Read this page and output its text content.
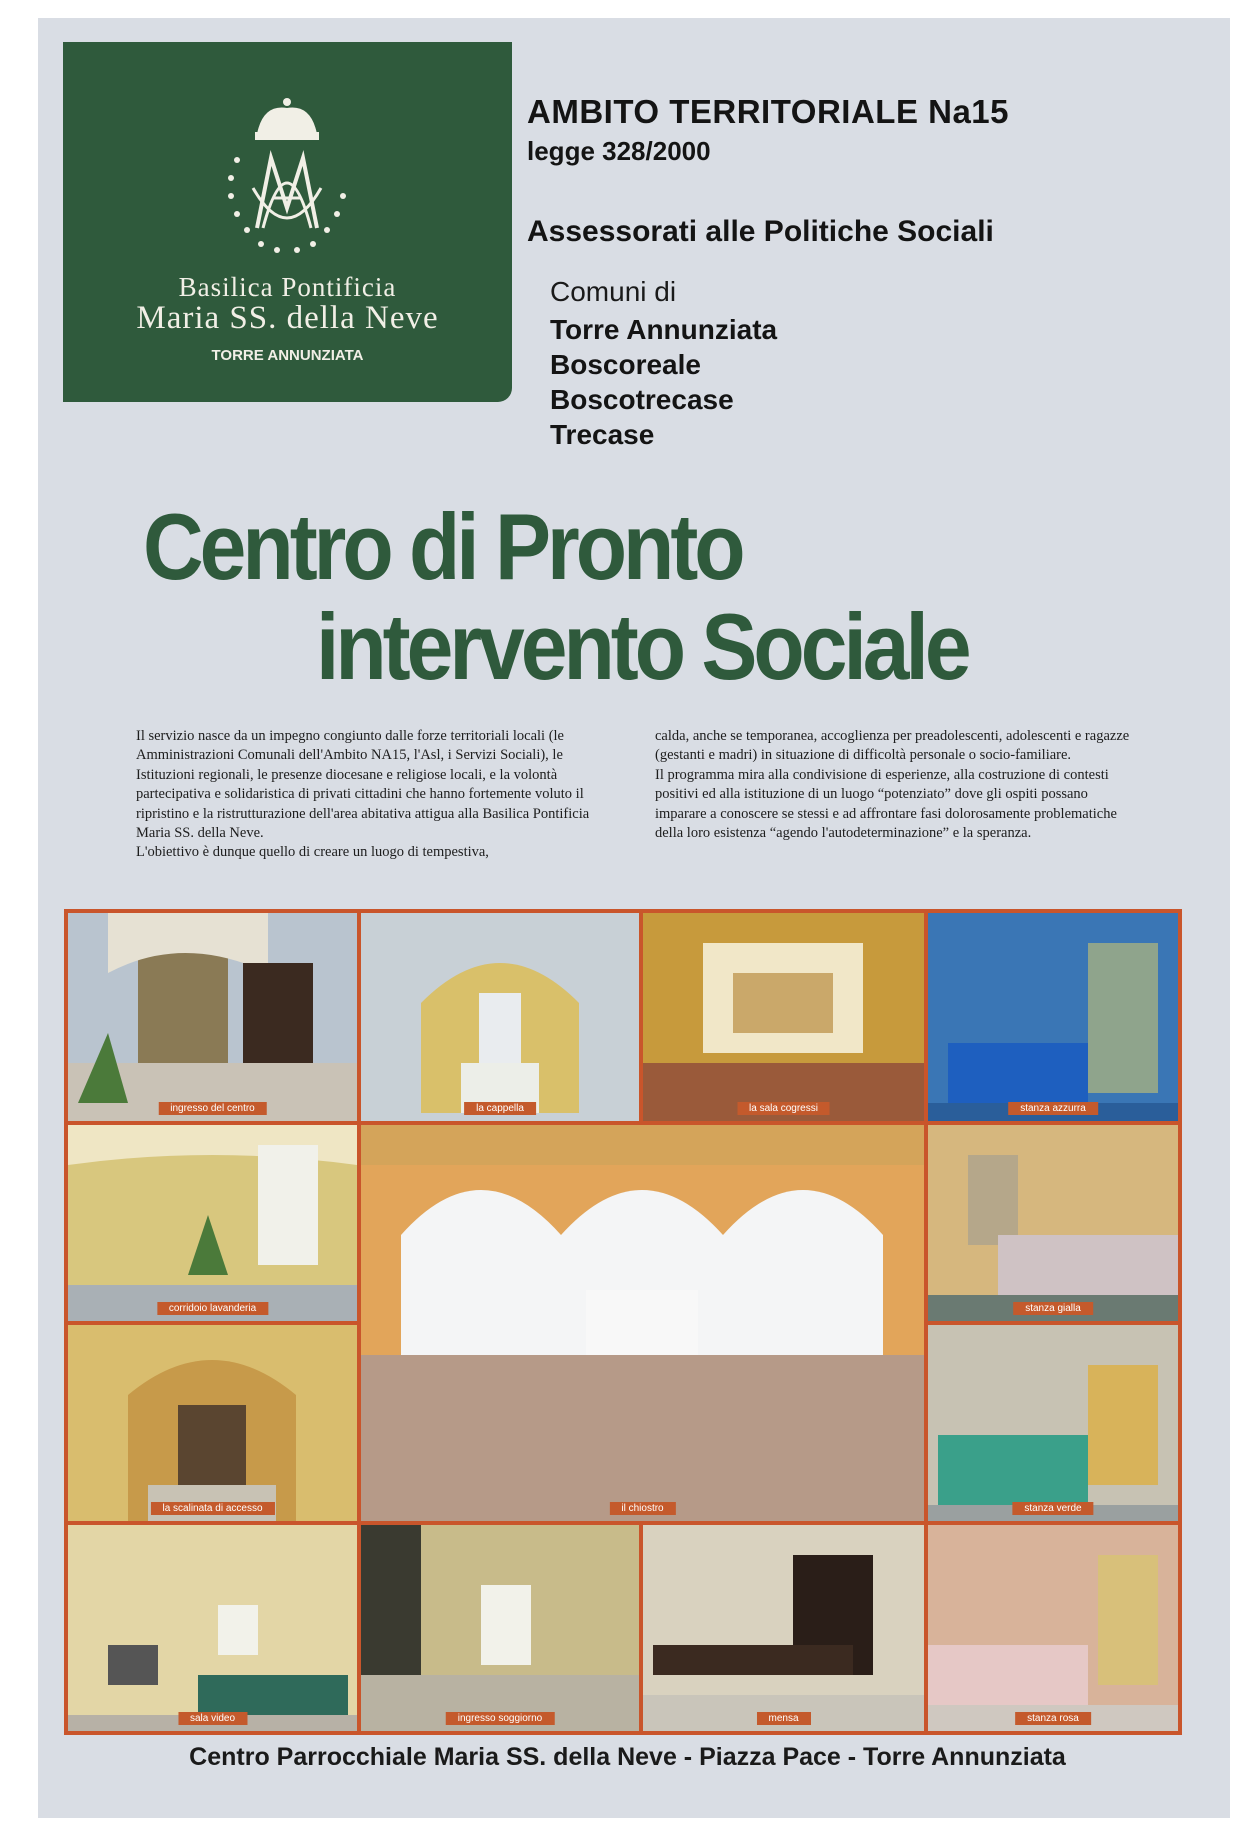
Basilica Pontificia
Maria SS. della Neve
TORRE ANNUNZIATA
AMBITO TERRITORIALE Na15
legge 328/2000
Assessorati alle Politiche Sociali
Comuni di
Torre Annunziata
Boscoreale
Boscotrecase
Trecase
Centro di Pronto
intervento Sociale

Il servizio nasce da un impegno congiunto dalle forze territoriali locali (le Amministrazioni Comunali dell'Ambito NA15, l'Asl, i Servizi Sociali), le Istituzioni regionali, le presenze diocesane e religiose locali, e la volontà partecipativa e solidaristica di privati cittadini che hanno fortemente voluto il ripristino e la ristrutturazione dell'area abitativa attigua alla Basilica Pontificia Maria SS. della Neve.

L'obiettivo è dunque quello di creare un luogo di tempestiva,

calda, anche se temporanea, accoglienza per preadolescenti, adolescenti e ragazze (gestanti e madri) in situazione di difficoltà personale o socio-familiare.

Il programma mira alla condivisione di esperienze, alla costruzione di contesti positivi ed alla istituzione di un luogo “potenziato” dove gli ospiti possano imparare a conoscere se stessi e ad affrontare fasi dolorosamente problematiche della loro esistenza “agendo l'autodeterminazione” e la speranza.

ingresso del centro	la cappella	la sala cogressi	stanza azzurra
corridoio lavanderia
il chiostro
stanza gialla
la scalinata di accesso	stanza verde
sala video	ingresso soggiorno	mensa	stanza rosa
Centro Parrocchiale Maria SS. della Neve - Piazza Pace - Torre Annunziata
